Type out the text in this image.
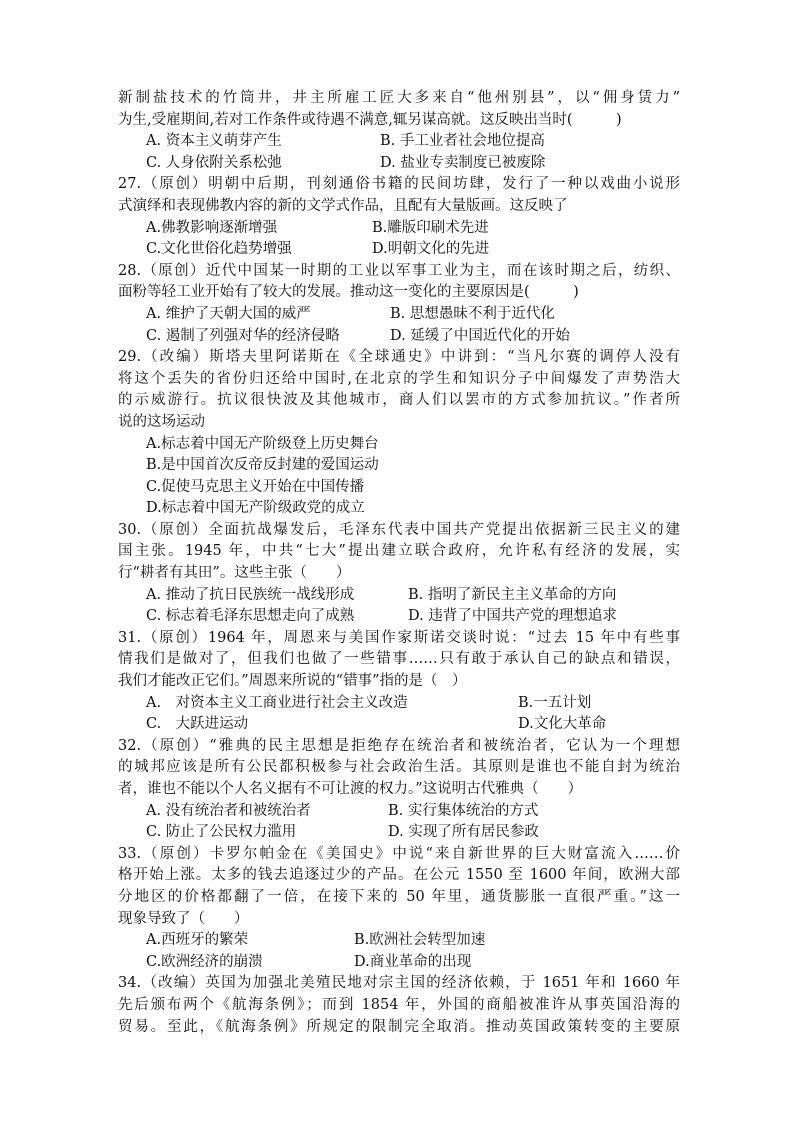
新制盐技术的竹筒井，井主所雇工匠大多来自“他州别县”，以“佣身赁力”
为生,受雇期间,若对工作条件或待遇不满意,辄另谋高就。这反映出当时(　　　)
A. 资本主义萌芽产生	B. 手工业者社会地位提高
C. 人身依附关系松弛	D. 盐业专卖制度已被废除
27.（原创）明朝中后期，刊刻通俗书籍的民间坊肆，发行了一种以戏曲小说形
式演绎和表现佛教内容的新的文学式作品，且配有大量版画。这反映了
A.佛教影响逐渐增强	B.雕版印刷术先进
C.文化世俗化趋势增强	D.明朝文化的先进
28.（原创）近代中国某一时期的工业以军事工业为主，而在该时期之后，纺织、
面粉等轻工业开始有了较大的发展。推动这一变化的主要原因是(　　　)
A. 维护了天朝大国的威严	B. 思想愚昧不利于近代化
C. 遏制了列强对华的经济侵略	D. 延缓了中国近代化的开始
29.（改编）斯塔夫里阿诺斯在《全球通史》中讲到：“当凡尔赛的调停人没有
将这个丢失的省份归还给中国时,在北京的学生和知识分子中间爆发了声势浩大
的示威游行。抗议很快波及其他城市，商人们以罢市的方式参加抗议。”作者所
说的这场运动
A.标志着中国无产阶级登上历史舞台
B.是中国首次反帝反封建的爱国运动
C.促使马克思主义开始在中国传播
D.标志着中国无产阶级政党的成立
30.（原创）全面抗战爆发后，毛泽东代表中国共产党提出依据新三民主义的建
国主张。1945 年，中共“七大”提出建立联合政府，允许私有经济的发展，实
行“耕者有其田”。这些主张（　　）
A. 推动了抗日民族统一战线形成	B. 指明了新民主主义革命的方向
C. 标志着毛泽东思想走向了成熟	D. 违背了中国共产党的理想追求
31.（原创）1964 年，周恩来与美国作家斯诺交谈时说：“过去 15 年中有些事
情我们是做对了，但我们也做了一些错事……只有敢于承认自己的缺点和错误，
我们才能改正它们。”周恩来所说的“错事”指的是（　）
A.　对资本主义工商业进行社会主义改造	B.一五计划
C.　大跃进运动	D.文化大革命
32.（原创）“雅典的民主思想是拒绝存在统治者和被统治者，它认为一个理想
的城邦应该是所有公民都积极参与社会政治生活。其原则是谁也不能自封为统治
者，谁也不能以个人名义据有不可让渡的权力。”这说明古代雅典（　　）
A. 没有统治者和被统治者	B. 实行集体统治的方式
C. 防止了公民权力滥用	D. 实现了所有居民参政
33.（原创）卡罗尔帕金在《美国史》中说“来自新世界的巨大财富流入……价
格开始上涨。太多的钱去追逐过少的产品。在公元 1550 至 1600 年间，欧洲大部
分地区的价格都翻了一倍，在接下来的 50 年里，通货膨胀一直很严重。”这一
现象导致了（　　）
A.西班牙的繁荣	B.欧洲社会转型加速
C.欧洲经济的崩溃	D.商业革命的出现
34.（改编）英国为加强北美殖民地对宗主国的经济依赖，于 1651 年和 1660 年
先后颁布两个《航海条例》；而到 1854 年，外国的商船被准许从事英国沿海的
贸易。至此，《航海条例》所规定的限制完全取消。推动英国政策转变的主要原
